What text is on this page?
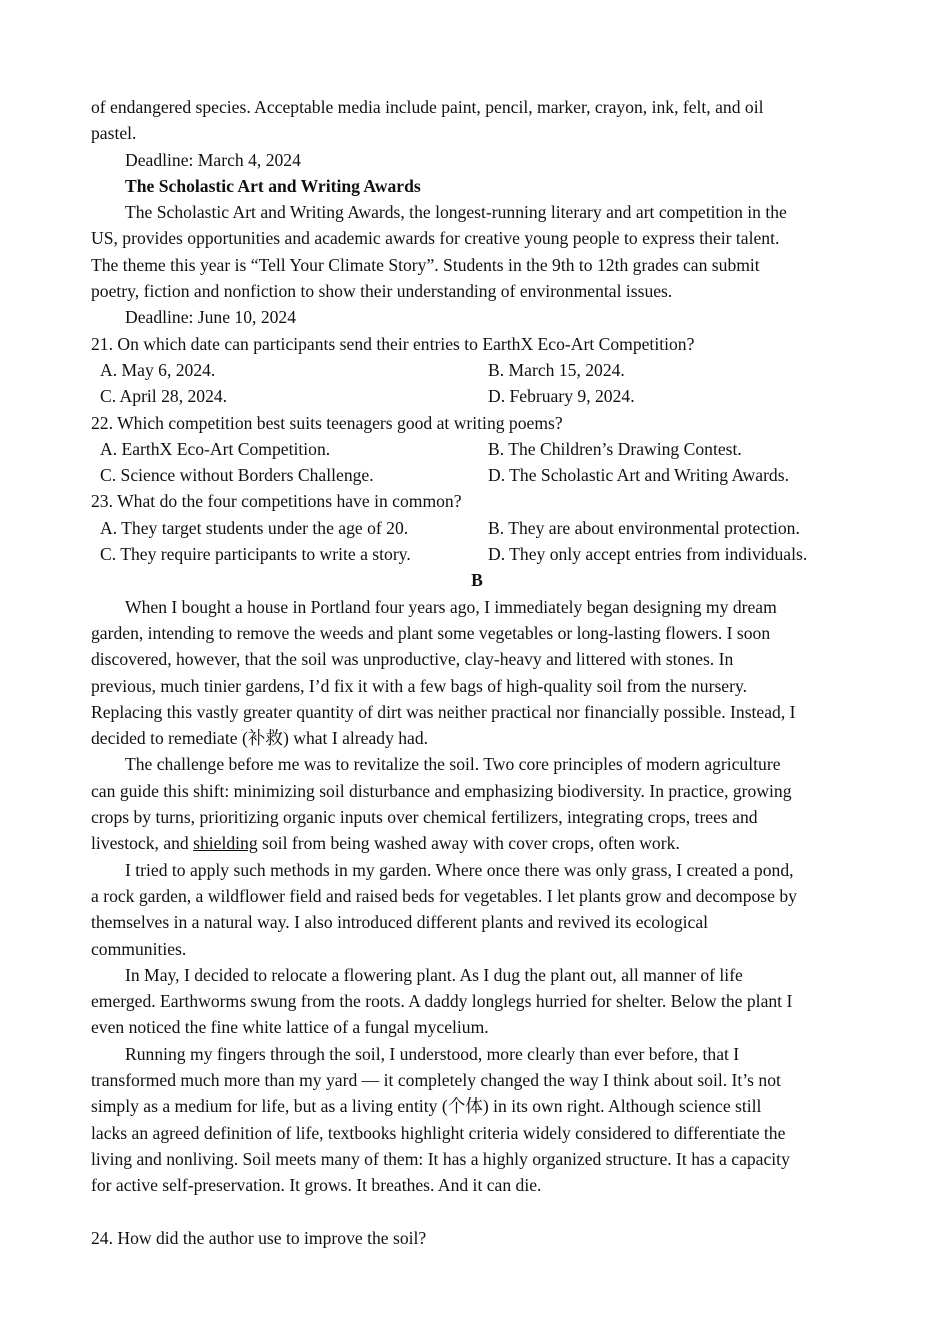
of endangered species. Acceptable media include paint, pencil, marker, crayon, ink, felt, and oil
pastel.
Deadline: March 4, 2024
The Scholastic Art and Writing Awards
The Scholastic Art and Writing Awards, the longest-running literary and art competition in the
US, provides opportunities and academic awards for creative young people to express their talent.
The theme this year is “Tell Your Climate Story”. Students in the 9th to 12th grades can submit
poetry, fiction and nonfiction to show their understanding of environmental issues.
Deadline: June 10, 2024
21. On which date can participants send their entries to EarthX Eco-Art Competition?
A. May 6, 2024.	B. March 15, 2024.
C. April 28, 2024.	D. February 9, 2024.
22. Which competition best suits teenagers good at writing poems?
A. EarthX Eco-Art Competition.	B. The Children’s Drawing Contest.
C. Science without Borders Challenge.	D. The Scholastic Art and Writing Awards.
23. What do the four competitions have in common?
A. They target students under the age of 20.	B. They are about environmental protection.
C. They require participants to write a story.	D. They only accept entries from individuals.
B
When I bought a house in Portland four years ago, I immediately began designing my dream
garden, intending to remove the weeds and plant some vegetables or long-lasting flowers. I soon
discovered, however, that the soil was unproductive, clay-heavy and littered with stones. In
previous, much tinier gardens, I’d fix it with a few bags of high-quality soil from the nursery.
Replacing this vastly greater quantity of dirt was neither practical nor financially possible. Instead, I
decided to remediate (补救) what I already had.
The challenge before me was to revitalize the soil. Two core principles of modern agriculture
can guide this shift: minimizing soil disturbance and emphasizing biodiversity. In practice, growing
crops by turns, prioritizing organic inputs over chemical fertilizers, integrating crops, trees and
livestock, and shielding soil from being washed away with cover crops, often work.
I tried to apply such methods in my garden. Where once there was only grass, I created a pond,
a rock garden, a wildflower field and raised beds for vegetables. I let plants grow and decompose by
themselves in a natural way. I also introduced different plants and revived its ecological
communities.
In May, I decided to relocate a flowering plant. As I dug the plant out, all manner of life
emerged. Earthworms swung from the roots. A daddy longlegs hurried for shelter. Below the plant I
even noticed the fine white lattice of a fungal mycelium.
Running my fingers through the soil, I understood, more clearly than ever before, that I
transformed much more than my yard — it completely changed the way I think about soil. It’s not
simply as a medium for life, but as a living entity (个体) in its own right. Although science still
lacks an agreed definition of life, textbooks highlight criteria widely considered to differentiate the
living and nonliving. Soil meets many of them: It has a highly organized structure. It has a capacity
for active self-preservation. It grows. It breathes. And it can die.
24. How did the author use to improve the soil?
